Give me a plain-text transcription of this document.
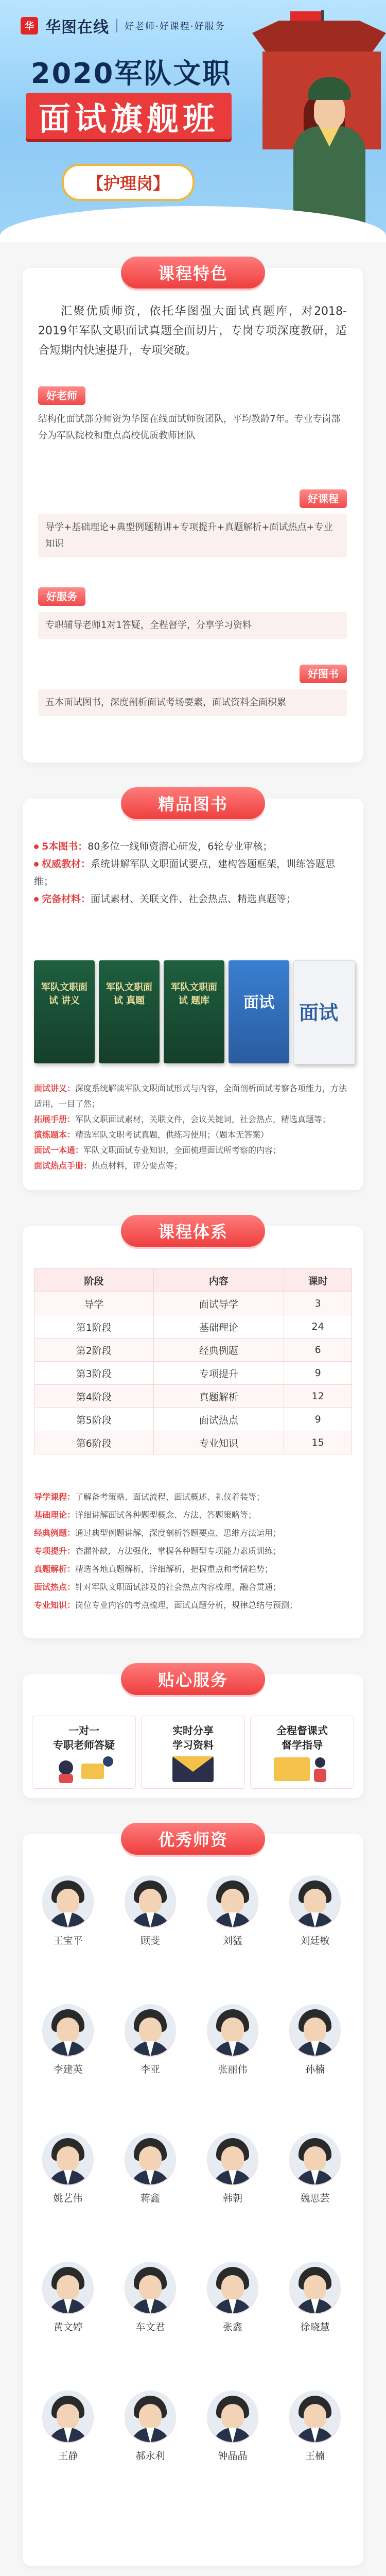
华 华图在线 好老师·好课程·好服务
2020军队文职
面试旗舰班
【护理岗】
课程特色
汇聚优质师资，依托华图强大面试真题库，对2018-2019年军队文职面试真题全面切片，专岗专项深度教研，适合短期内快速提升，专项突破。
好老师
结构化面试部分师资为华图在线面试师资团队，平均教龄7年。专业专岗部分为军队院校和重点高校优质教师团队
好课程
导学+基础理论+典型例题精讲+专项提升+真题解析+面试热点+专业知识
好服务
专职辅导老师1对1答疑，全程督学，分享学习资料
好图书
五本面试图书，深度剖析面试考场要素，面试资料全面积累
精品图书
5本图书：80多位一线师资潜心研发，6轮专业审核；
权威教材：系统讲解军队文职面试要点，建构答题框架，训练答题思维；
完备材料：面试素材、关联文件、社会热点、精选真题等；
军队文职面试 讲义
军队文职面试 真题
军队文职面试 题库	面试	面试
面试讲义：深度系统解读军队文职面试形式与内容，全面剖析面试考察各项能力，方法适用，一目了然；
拓展手册：军队文职面试素材，关联文件，会议关键词，社会热点，精选真题等；
演练题本：精选军队文职考试真题，供练习使用；（题本无答案）
面试一本通：军队文职面试专业知识，全面梳理面试所考察的内容；
面试热点手册：热点材料，评分要点等；
课程体系
阶段	内容	课时
导学	面试导学	3
第1阶段	基础理论	24
第2阶段	经典例题	6
第3阶段	专项提升	9
第4阶段	真题解析	12
第5阶段	面试热点	9
第6阶段	专业知识	15
导学课程：了解备考策略、面试流程、面试概述、礼仪着装等；
基础理论：详细讲解面试各种题型概念、方法、答题策略等；
经典例题：通过典型例题讲解，深度剖析答题要点、思维方法运用；
专项提升：查漏补缺，方法强化，掌握各种题型专项能力素质训练；
真题解析：精选各地真题解析，详细解析，把握重点和考情趋势；
面试热点：针对军队文职面试涉及的社会热点内容梳理、融合贯通；
专业知识：岗位专业内容的考点梳理，面试真题分析，规律总结与预测；
贴心服务
一对一
专职老师答疑
实时分享
学习资料
全程督课式
督学指导
优秀师资
王宝平	顾斐	刘猛	刘廷敏
李建英	李亚	张丽伟	孙楠
姚艺伟	蒋鑫	韩朝	魏思芸
黄文婷	车文君	张鑫	徐晓慧
王静	郝永利	钟晶晶	王楠
